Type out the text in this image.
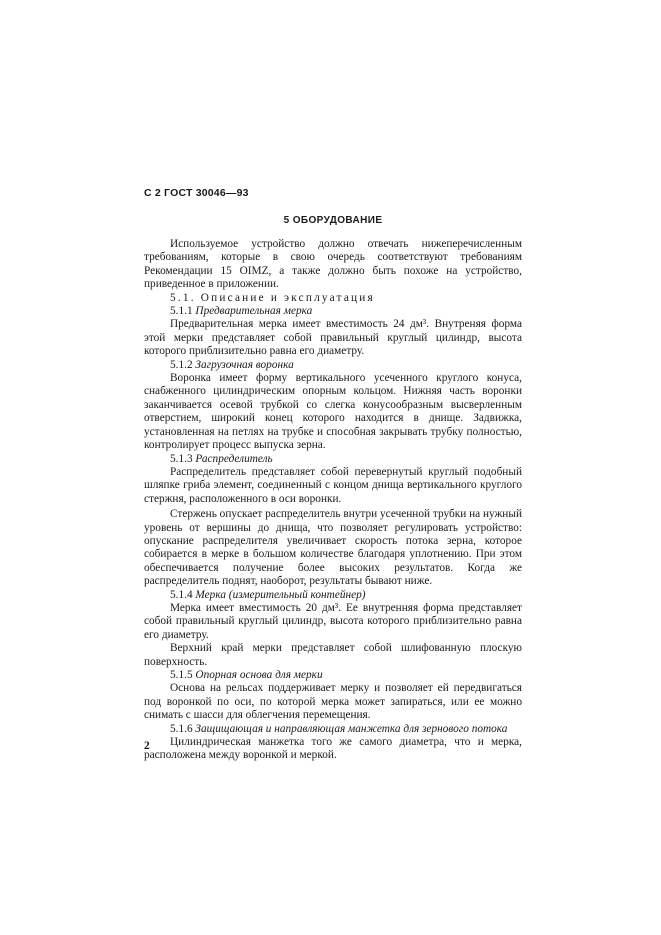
С 2 ГОСТ 30046—93
5 ОБОРУДОВАНИЕ

Используемое устройство должно отвечать нижеперечисленным требованиям, которые в свою очередь соответствуют требованиям Рекомендации 15 OIMZ, а также должно быть похоже на устройство, приведенное в приложении.

5.1. Описание и эксплуатация

5.1.1 Предварительная мерка

Предварительная мерка имеет вместимость 24 дм³. Внутреняя форма этой мерки представляет собой правильный круглый цилиндр, высота которого приблизительно равна его диаметру.

5.1.2 Загрузочная воронка

Воронка имеет форму вертикального усеченного круглого конуса, снабженного цилиндрическим опорным кольцом. Нижняя часть воронки заканчивается осевой трубкой со слегка конусообразным высверленным отверстием, широкий конец которого находится в днище. Задвижка, установленная на петлях на трубке и способная закрывать трубку полностью, контролирует процесс выпуска зерна.

5.1.3 Распределитель

Распределитель представляет собой перевернутый круглый подобный шляпке гриба элемент, соединенный с концом днища вертикального круглого стержня, расположенного в оси воронки.

Стержень опускает распределитель внутри усеченной трубки на нужный уровень от вершины до днища, что позволяет регулировать устройство: опускание распределителя увеличивает скорость потока зерна, которое собирается в мерке в большом количестве благодаря уплотнению. При этом обеспечивается получение более высоких результатов. Когда же распределитель поднят, наоборот, результаты бывают ниже.

5.1.4 Мерка (измерительный контейнер)

Мерка имеет вместимость 20 дм³. Ее внутренняя форма представляет собой правильный круглый цилиндр, высота которого приблизительно равна его диаметру.

Верхний край мерки представляет собой шлифованную плоскую поверхность.

5.1.5 Опорная основа для мерки

Основа на рельсах поддерживает мерку и позволяет ей передвигаться под воронкой по оси, по которой мерка может запираться, или ее можно снимать с шасси для облегчения перемещения.

5.1.6 Защищающая и направляющая манжетка для зернового потока

Цилиндрическая манжетка того же самого диаметра, что и мерка, расположена между воронкой и меркой.

2
